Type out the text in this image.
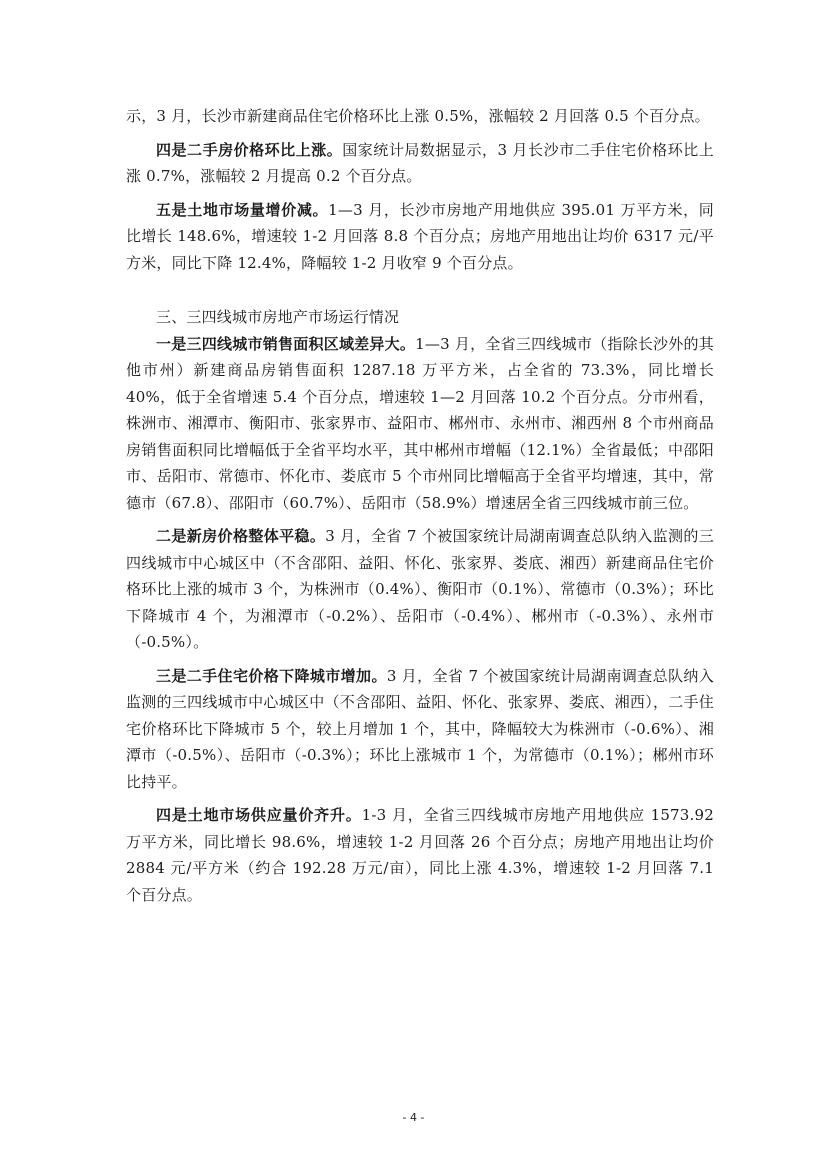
示，3 月，长沙市新建商品住宅价格环比上涨 0.5%，涨幅较 2 月回落 0.5 个百分点。

四是二手房价格环比上涨。国家统计局数据显示，3 月长沙市二手住宅价格环比上涨 0.7%，涨幅较 2 月提高 0.2 个百分点。

五是土地市场量增价减。1—3 月，长沙市房地产用地供应 395.01 万平方米，同比增长 148.6%，增速较 1-2 月回落 8.8 个百分点；房地产用地出让均价 6317 元/平方米，同比下降 12.4%，降幅较 1-2 月收窄 9 个百分点。

三、三四线城市房地产市场运行情况

一是三四线城市销售面积区域差异大。1—3 月，全省三四线城市（指除长沙外的其他市州）新建商品房销售面积 1287.18 万平方米，占全省的 73.3%，同比增长 40%，低于全省增速 5.4 个百分点，增速较 1—2 月回落 10.2 个百分点。分市州看，株洲市、湘潭市、衡阳市、张家界市、益阳市、郴州市、永州市、湘西州 8 个市州商品房销售面积同比增幅低于全省平均水平，其中郴州市增幅（12.1%）全省最低；中邵阳市、岳阳市、常德市、怀化市、娄底市 5 个市州同比增幅高于全省平均增速，其中，常德市（67.8）、邵阳市（60.7%）、岳阳市（58.9%）增速居全省三四线城市前三位。

二是新房价格整体平稳。3 月，全省 7 个被国家统计局湖南调查总队纳入监测的三四线城市中心城区中（不含邵阳、益阳、怀化、张家界、娄底、湘西）新建商品住宅价格环比上涨的城市 3 个，为株洲市（0.4%）、衡阳市（0.1%）、常德市（0.3%）；环比下降城市 4 个，为湘潭市（-0.2%）、岳阳市（-0.4%）、郴州市（-0.3%）、永州市（-0.5%）。

三是二手住宅价格下降城市增加。3 月，全省 7 个被国家统计局湖南调查总队纳入监测的三四线城市中心城区中（不含邵阳、益阳、怀化、张家界、娄底、湘西），二手住宅价格环比下降城市 5 个，较上月增加 1 个，其中，降幅较大为株洲市（-0.6%）、湘潭市（-0.5%）、岳阳市（-0.3%）；环比上涨城市 1 个，为常德市（0.1%）；郴州市环比持平。

四是土地市场供应量价齐升。1-3 月，全省三四线城市房地产用地供应 1573.92 万平方米，同比增长 98.6%，增速较 1-2 月回落 26 个百分点；房地产用地出让均价 2884 元/平方米（约合 192.28 万元/亩），同比上涨 4.3%，增速较 1-2 月回落 7.1 个百分点。

- 4 -
